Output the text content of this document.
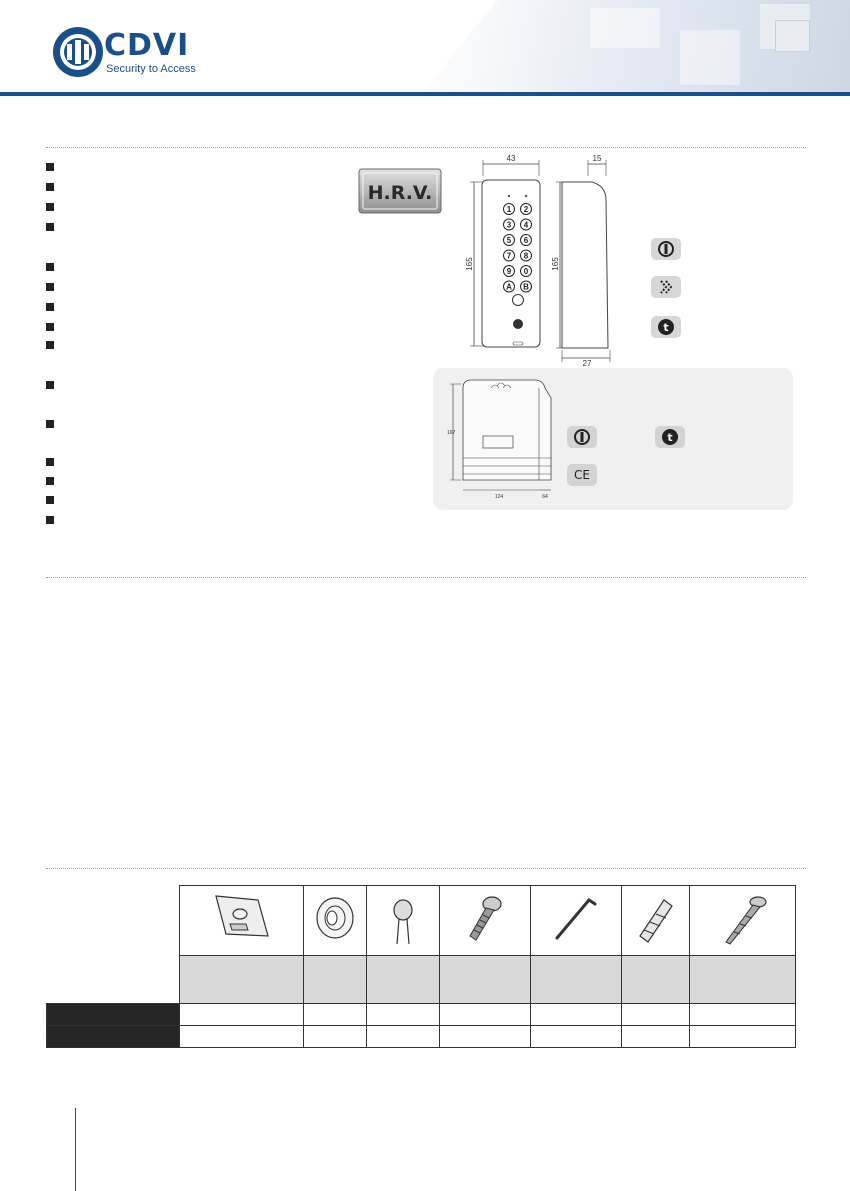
CDVI
Security to Access
H.R.V.
43
165
1 2
3 4
5 6
7 8
9 0
A B
15
165
27
t
167
124	64
t
CE
